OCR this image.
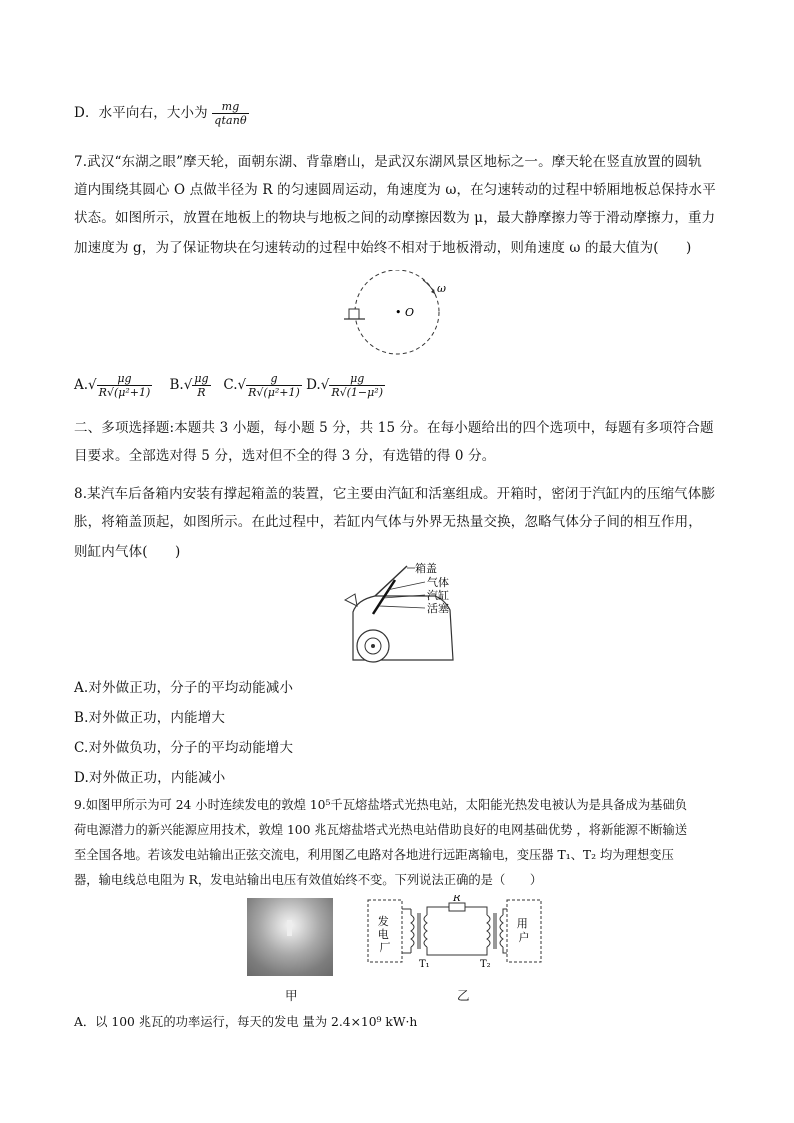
D．水平向右，大小为 $\frac{mg}{qtan\theta}$
7.武汉“东湖之眼”摩天轮，面朝东湖、背靠磨山，是武汉东湖风景区地标之一。摩天轮在竖直放置的圆轨
道内围绕其圆心 O 点做半径为 R 的匀速圆周运动，角速度为 ω，在匀速转动的过程中轿厢地板总保持水平
状态。如图所示，放置在地板上的物块与地板之间的动摩擦因数为 μ，最大静摩擦力等于滑动摩擦力，重力
加速度为 g，为了保证物块在匀速转动的过程中始终不相对于地板滑动，则角速度 ω 的最大值为(　　)
ω
• O
$A.√ \frac{\mu g}{\text{R√(μ²+1)}} B.√ \frac{\mu g}{R} C.√ \frac{g}{\text{R√(μ²+1)}} D.√ \frac{\mu g}{\text{R√(1−μ²)}}$
二、多项选择题:本题共 3 小题，每小题 5 分，共 15 分。在每小题给出的四个选项中，每题有多项符合题
目要求。全部选对得 5 分，选对但不全的得 3 分，有选错的得 0 分。
8.某汽车后备箱内安装有撑起箱盖的装置，它主要由汽缸和活塞组成。开箱时，密闭于汽缸内的压缩气体膨
胀，将箱盖顶起，如图所示。在此过程中，若缸内气体与外界无热量交换，忽略气体分子间的相互作用，
则缸内气体(　　)
箱盖
气体
汽缸
活塞
A.对外做正功，分子的平均动能减小
B.对外做正功，内能增大
C.对外做负功，分子的平均动能增大
D.对外做正功，内能减小
9.如图甲所示为可 24 小时连续发电的敦煌 10⁵千瓦熔盐塔式光热电站，太阳能光热发电被认为是具备成为基础负
荷电源潜力的新兴能源应用技术，敦煌 100 兆瓦熔盐塔式光热电站借助良好的电网基础优势 ，将新能源不断输送
至全国各地。若该发电站输出正弦交流电，利用图乙电路对各地进行远距离输电，变压器 T₁、T₂ 均为理想变压
器，输电线总电阻为 R，发电站输出电压有效值始终不变。下列说法正确的是（　　）
甲
发 电 厂
用 户
R
T₁	T₂
乙
A．以 100 兆瓦的功率运行，每天的发电 量为 2.4×10⁹ kW·h
